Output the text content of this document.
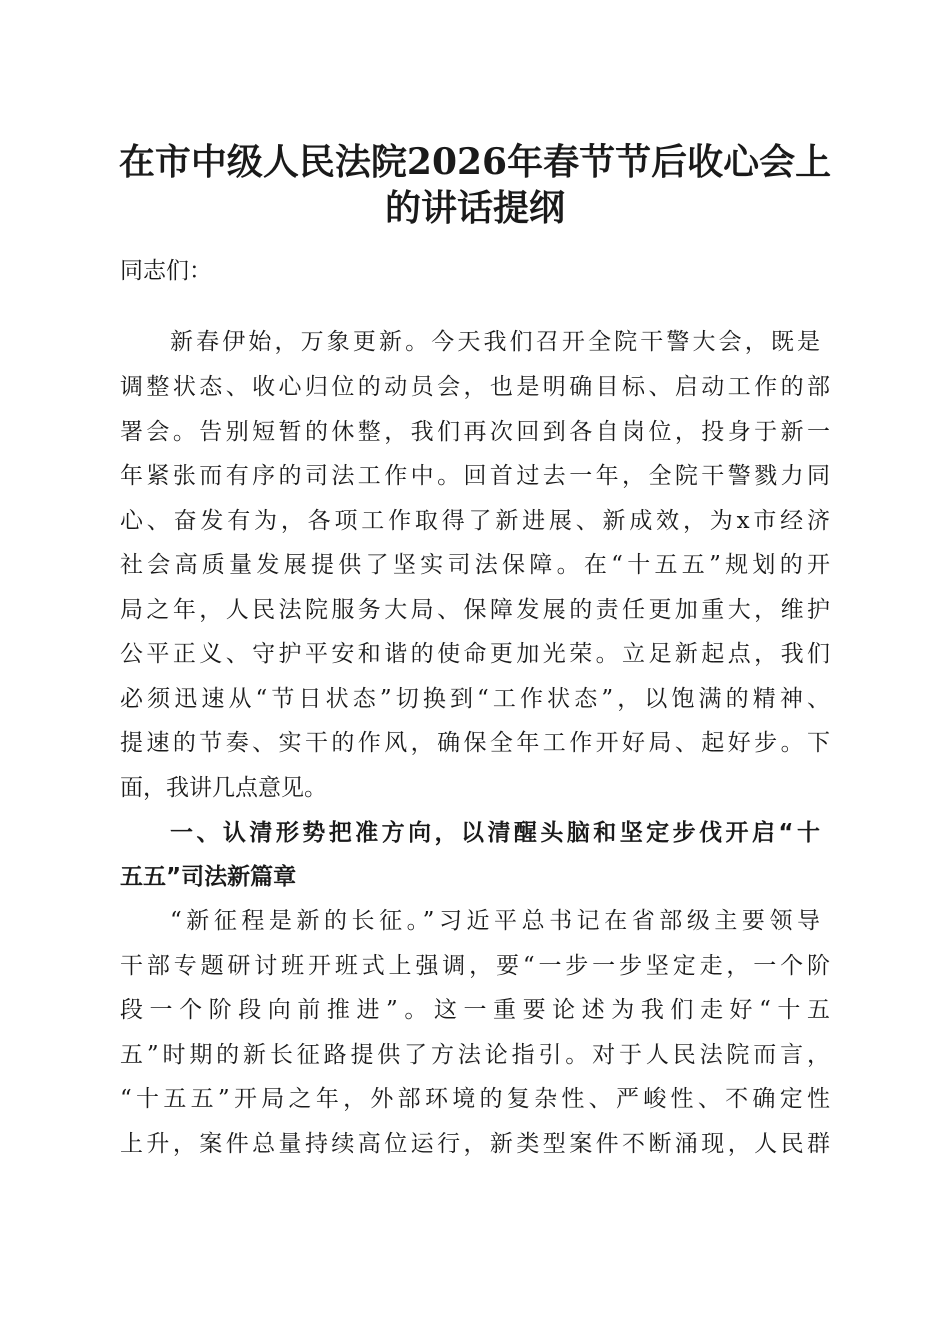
在市中级人民法院2026年春节节后收心会上
的讲话提纲

同志们：

新春伊始，万象更新。今天我们召开全院干警大会，既是

调整状态、收心归位的动员会，也是明确目标、启动工作的部

署会。告别短暂的休整，我们再次回到各自岗位，投身于新一

年紧张而有序的司法工作中。回首过去一年，全院干警戮力同

心、奋发有为，各项工作取得了新进展、新成效，为x市经济

社会高质量发展提供了坚实司法保障。在“十五五”规划的开

局之年，人民法院服务大局、保障发展的责任更加重大，维护

公平正义、守护平安和谐的使命更加光荣。立足新起点，我们

必须迅速从“节日状态”切换到“工作状态”，以饱满的精神、

提速的节奏、实干的作风，确保全年工作开好局、起好步。下

面，我讲几点意见。

一、认清形势把准方向，以清醒头脑和坚定步伐开启“十

五五”司法新篇章

“新征程是新的长征。”习近平总书记在省部级主要领导

干部专题研讨班开班式上强调，要“一步一步坚定走，一个阶

段一个阶段向前推进”。这一重要论述为我们走好“十五

五”时期的新长征路提供了方法论指引。对于人民法院而言，

“十五五”开局之年，外部环境的复杂性、严峻性、不确定性

上升，案件总量持续高位运行，新类型案件不断涌现，人民群
